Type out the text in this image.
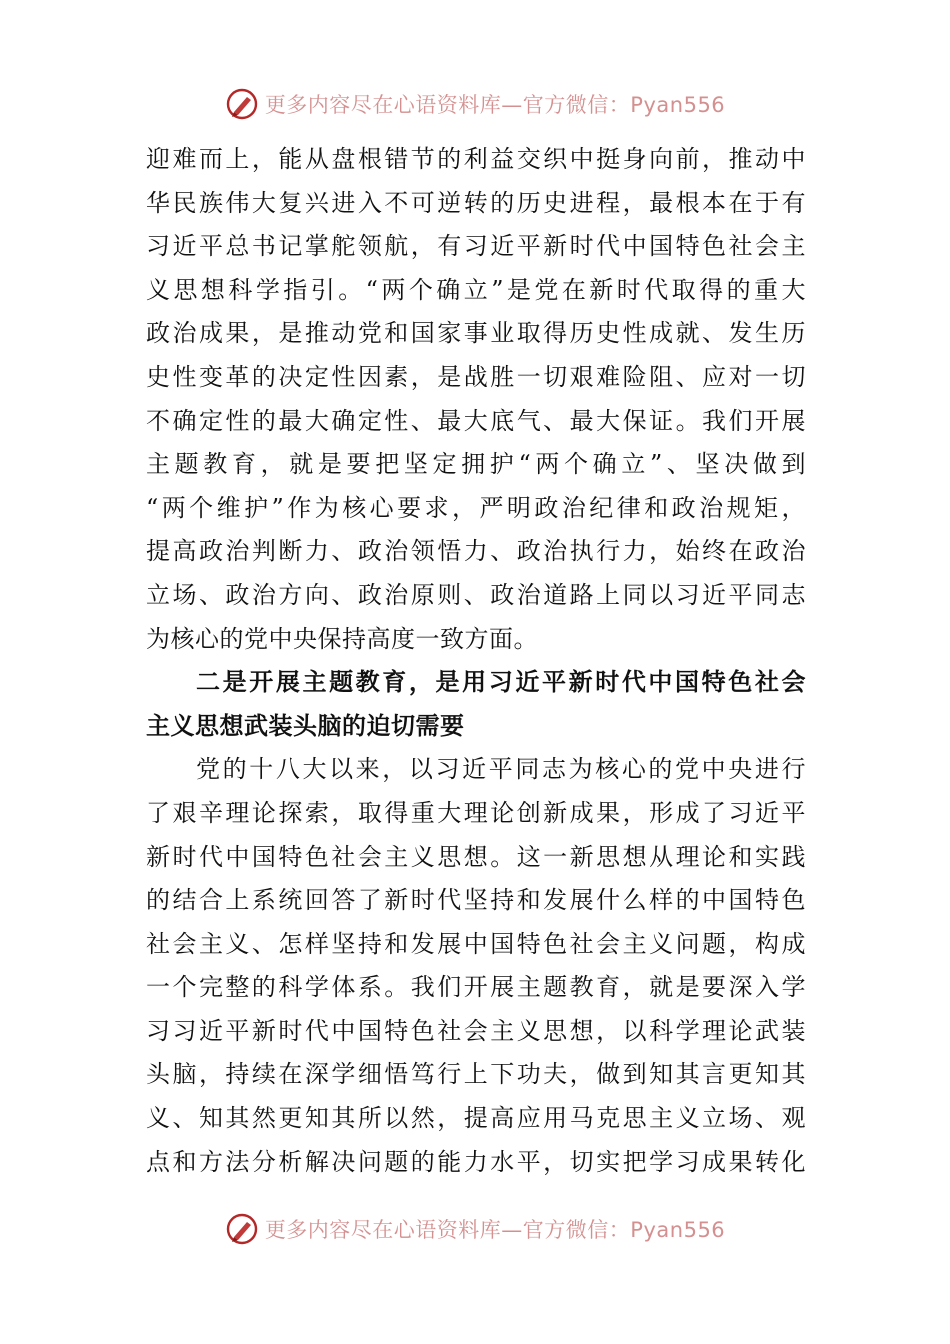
更多内容尽在心语资料库—官方微信：Pyan556
迎难而上，能从盘根错节的利益交织中挺身向前，推动中
华民族伟大复兴进入不可逆转的历史进程，最根本在于有
习近平总书记掌舵领航，有习近平新时代中国特色社会主
义思想科学指引。“两个确立”是党在新时代取得的重大
政治成果，是推动党和国家事业取得历史性成就、发生历
史性变革的决定性因素，是战胜一切艰难险阻、应对一切
不确定性的最大确定性、最大底气、最大保证。我们开展
主题教育，就是要把坚定拥护“两个确立”、坚决做到
“两个维护”作为核心要求，严明政治纪律和政治规矩，
提高政治判断力、政治领悟力、政治执行力，始终在政治
立场、政治方向、政治原则、政治道路上同以习近平同志
为核心的党中央保持高度一致方面。
二是开展主题教育，是用习近平新时代中国特色社会
主义思想武装头脑的迫切需要
党的十八大以来，以习近平同志为核心的党中央进行
了艰辛理论探索，取得重大理论创新成果，形成了习近平
新时代中国特色社会主义思想。这一新思想从理论和实践
的结合上系统回答了新时代坚持和发展什么样的中国特色
社会主义、怎样坚持和发展中国特色社会主义问题，构成
一个完整的科学体系。我们开展主题教育，就是要深入学
习习近平新时代中国特色社会主义思想，以科学理论武装
头脑，持续在深学细悟笃行上下功夫，做到知其言更知其
义、知其然更知其所以然，提高应用马克思主义立场、观
点和方法分析解决问题的能力水平，切实把学习成果转化
更多内容尽在心语资料库—官方微信：Pyan556
